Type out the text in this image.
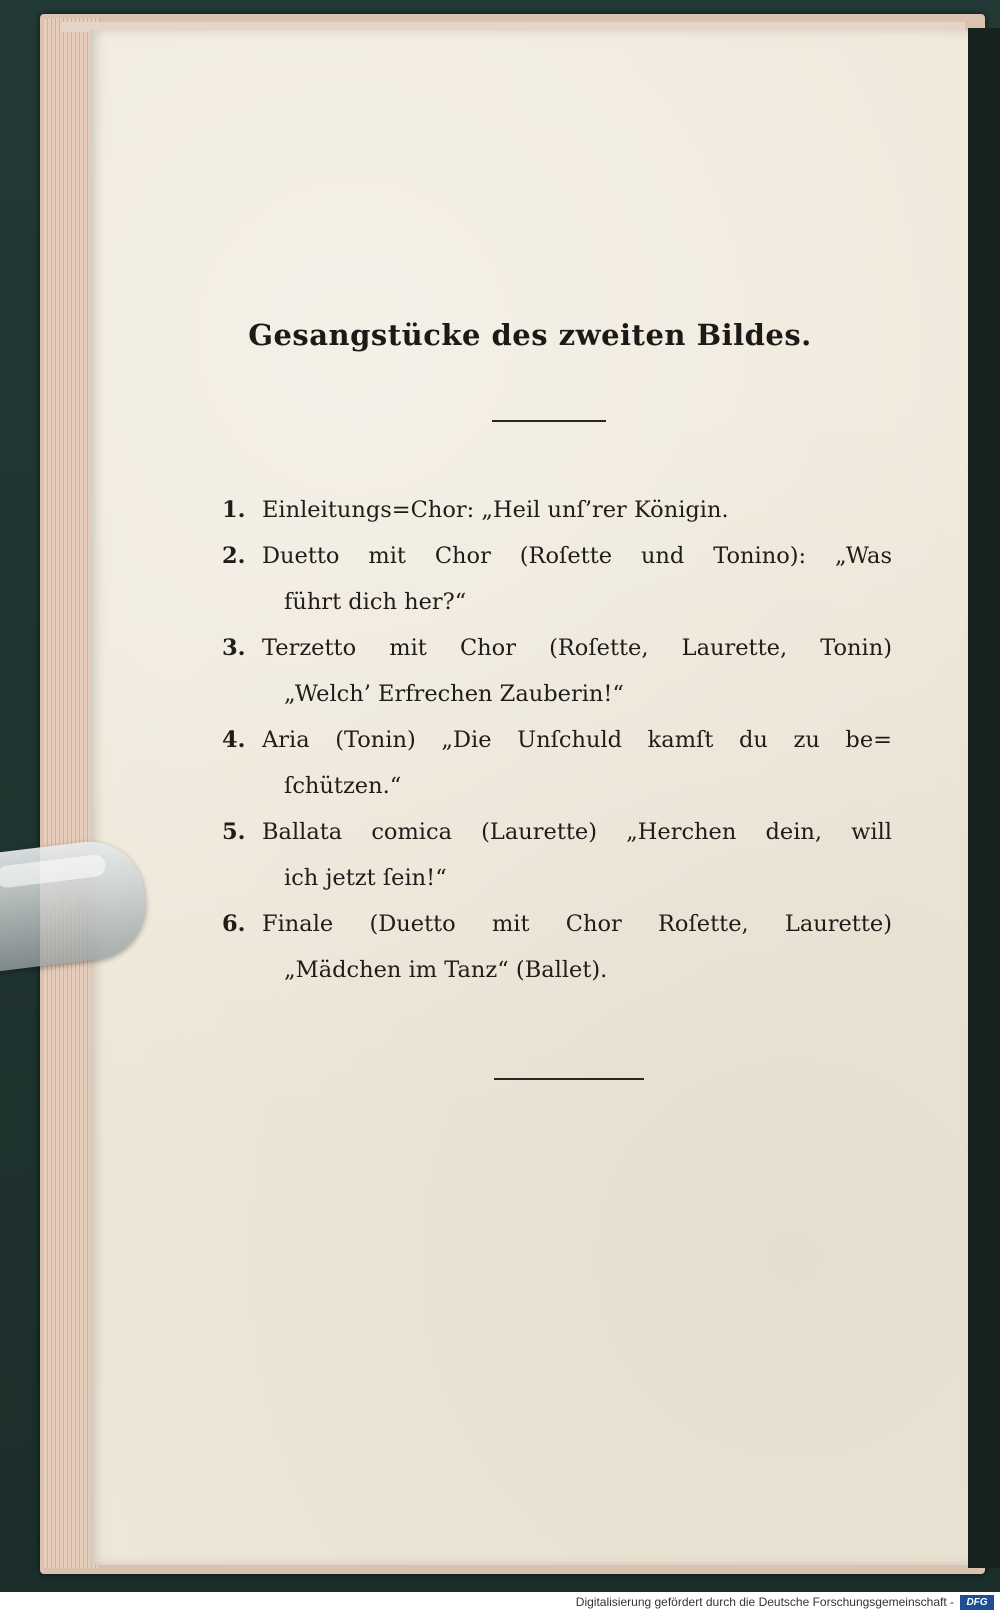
Gesangstücke des zweiten Bildes.
1. Einleitungs=Chor: „Heil unſ’rer Königin.
2. Duetto mit Chor (Roſette und Tonino): „Was
führt dich her?“
3. Terzetto mit Chor (Roſette, Laurette, Tonin)
„Welch’ Erfrechen Zauberin!“
4. Aria (Tonin) „Die Unſchuld kamſt du zu be=
ſchützen.“
5. Ballata comica (Laurette) „Herchen dein, will
ich jetzt ſein!“
6. Finale (Duetto mit Chor Roſette, Laurette)
„Mädchen im Tanz“ (Ballet).
Digitalisierung gefördert durch die Deutsche Forschungsgemeinschaft -	DFG
